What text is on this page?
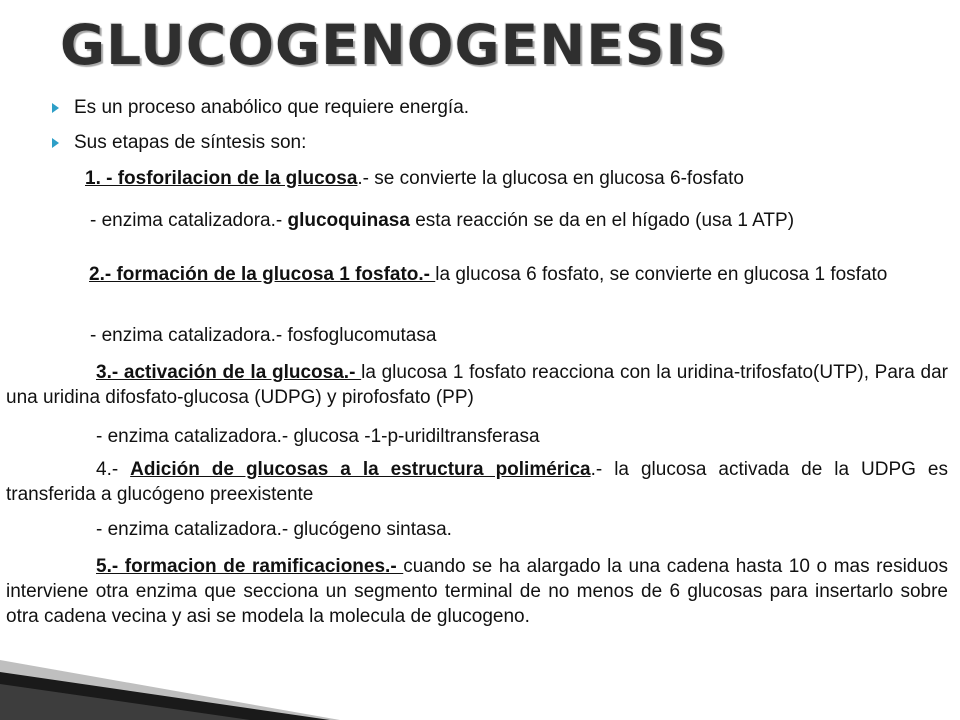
GLUCOGENOGENESIS
Es un proceso anabólico que requiere energía.
Sus etapas de síntesis son:
1. - fosforilacion de la glucosa.- se convierte la glucosa en glucosa 6-fosfato
- enzima catalizadora.- glucoquinasa esta reacción se da en el hígado (usa 1 ATP)
2.- formación de la glucosa 1 fosfato.- la glucosa 6 fosfato, se convierte en glucosa 1 fosfato
- enzima catalizadora.- fosfoglucomutasa
3.- activación de la glucosa.- la glucosa 1 fosfato reacciona con la uridina-trifosfato(UTP), Para dar una uridina difosfato-glucosa (UDPG) y pirofosfato (PP)
- enzima catalizadora.- glucosa -1-p-uridiltransferasa
4.- Adición de glucosas a la estructura polimérica.- la glucosa activada de la UDPG es transferida a glucógeno preexistente
- enzima catalizadora.- glucógeno sintasa.
5.- formacion de ramificaciones.- cuando se ha alargado la una cadena hasta 10 o mas residuos interviene otra enzima que secciona un segmento terminal de no menos de 6 glucosas para insertarlo sobre otra cadena vecina y asi se modela la molecula de glucogeno.
